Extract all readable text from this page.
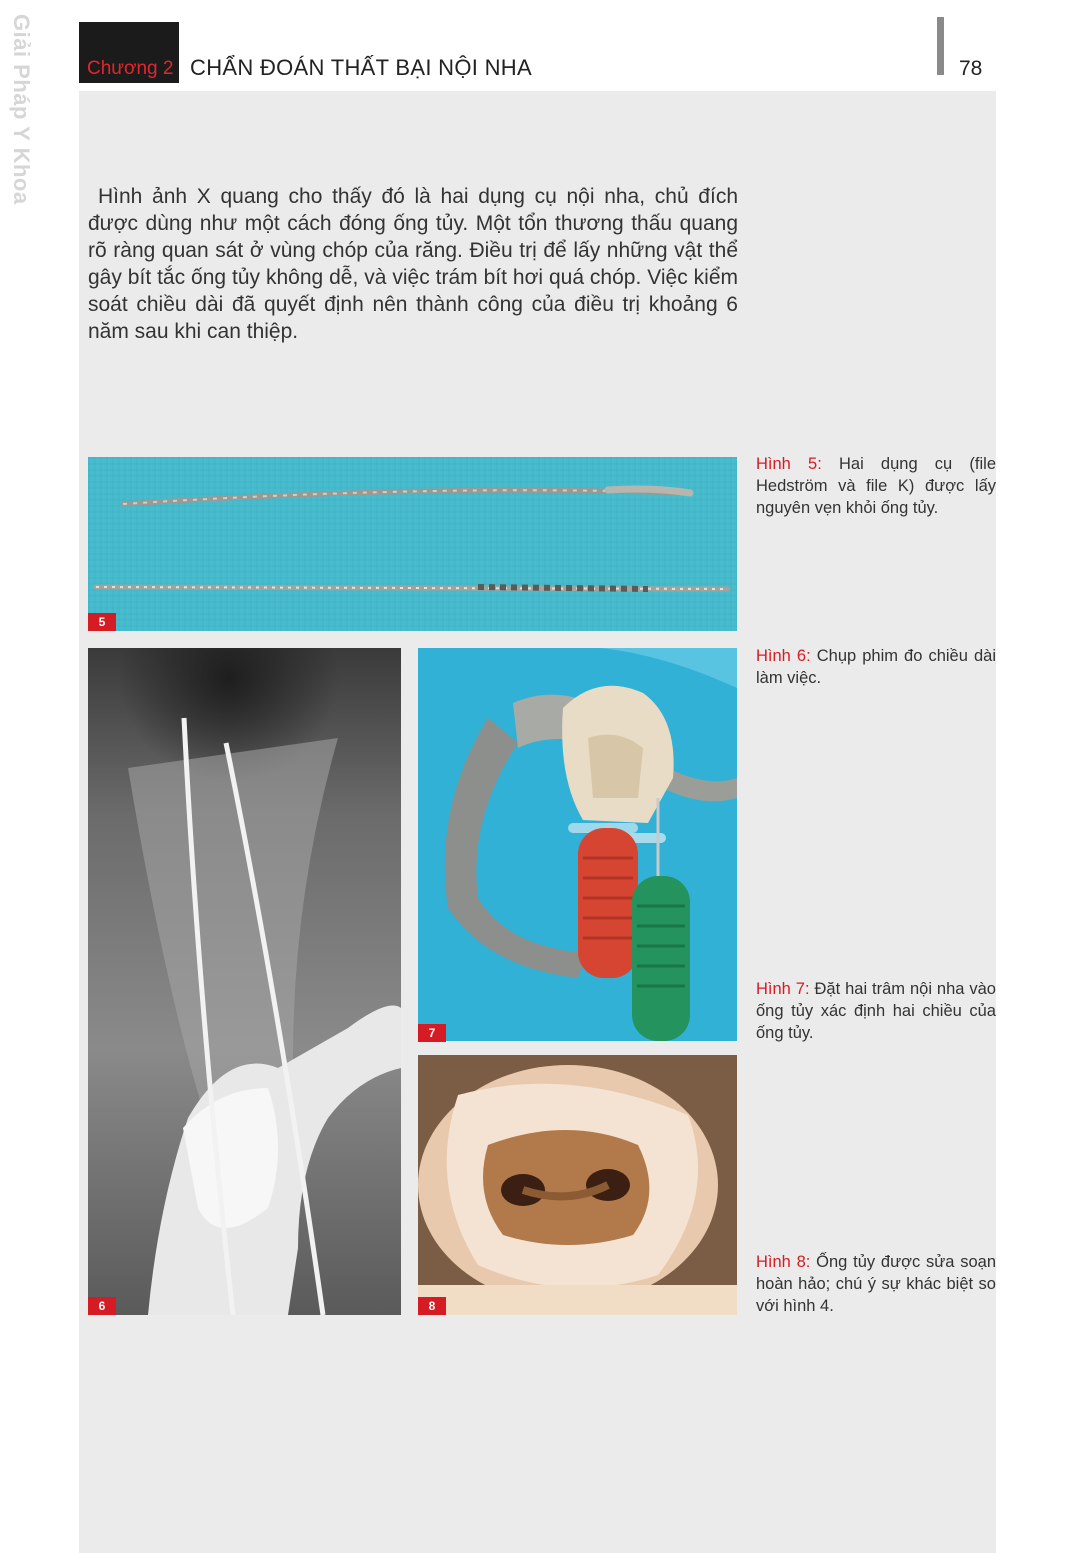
Giải Pháp Y Khoa	Chương 2 CHẨN ĐOÁN THẤT BẠI NỘI NHA	78

Hình ảnh X quang cho thấy đó là hai dụng cụ nội nha, chủ đích được dùng như một cách đóng ống tủy. Một tổn thương thấu quang rõ ràng quan sát ở vùng chóp của răng. Điều trị để lấy những vật thể gây bít tắc ống tủy không dễ, và việc trám bít hơi quá chóp. Việc kiểm soát chiều dài đã quyết định nên thành công của điều trị khoảng 6 năm sau khi can thiệp.

5
6
7
8

Hình 5: Hai dụng cụ (file Hedström và file K) được lấy nguyên vẹn khỏi ống tủy.

Hình 6: Chụp phim đo chiều dài làm việc.

Hình 7: Đặt hai trâm nội nha vào ống tủy xác định hai chiều của ống tủy.

Hình 8: Ống tủy được sửa soạn hoàn hảo; chú ý sự khác biệt so với hình 4.
